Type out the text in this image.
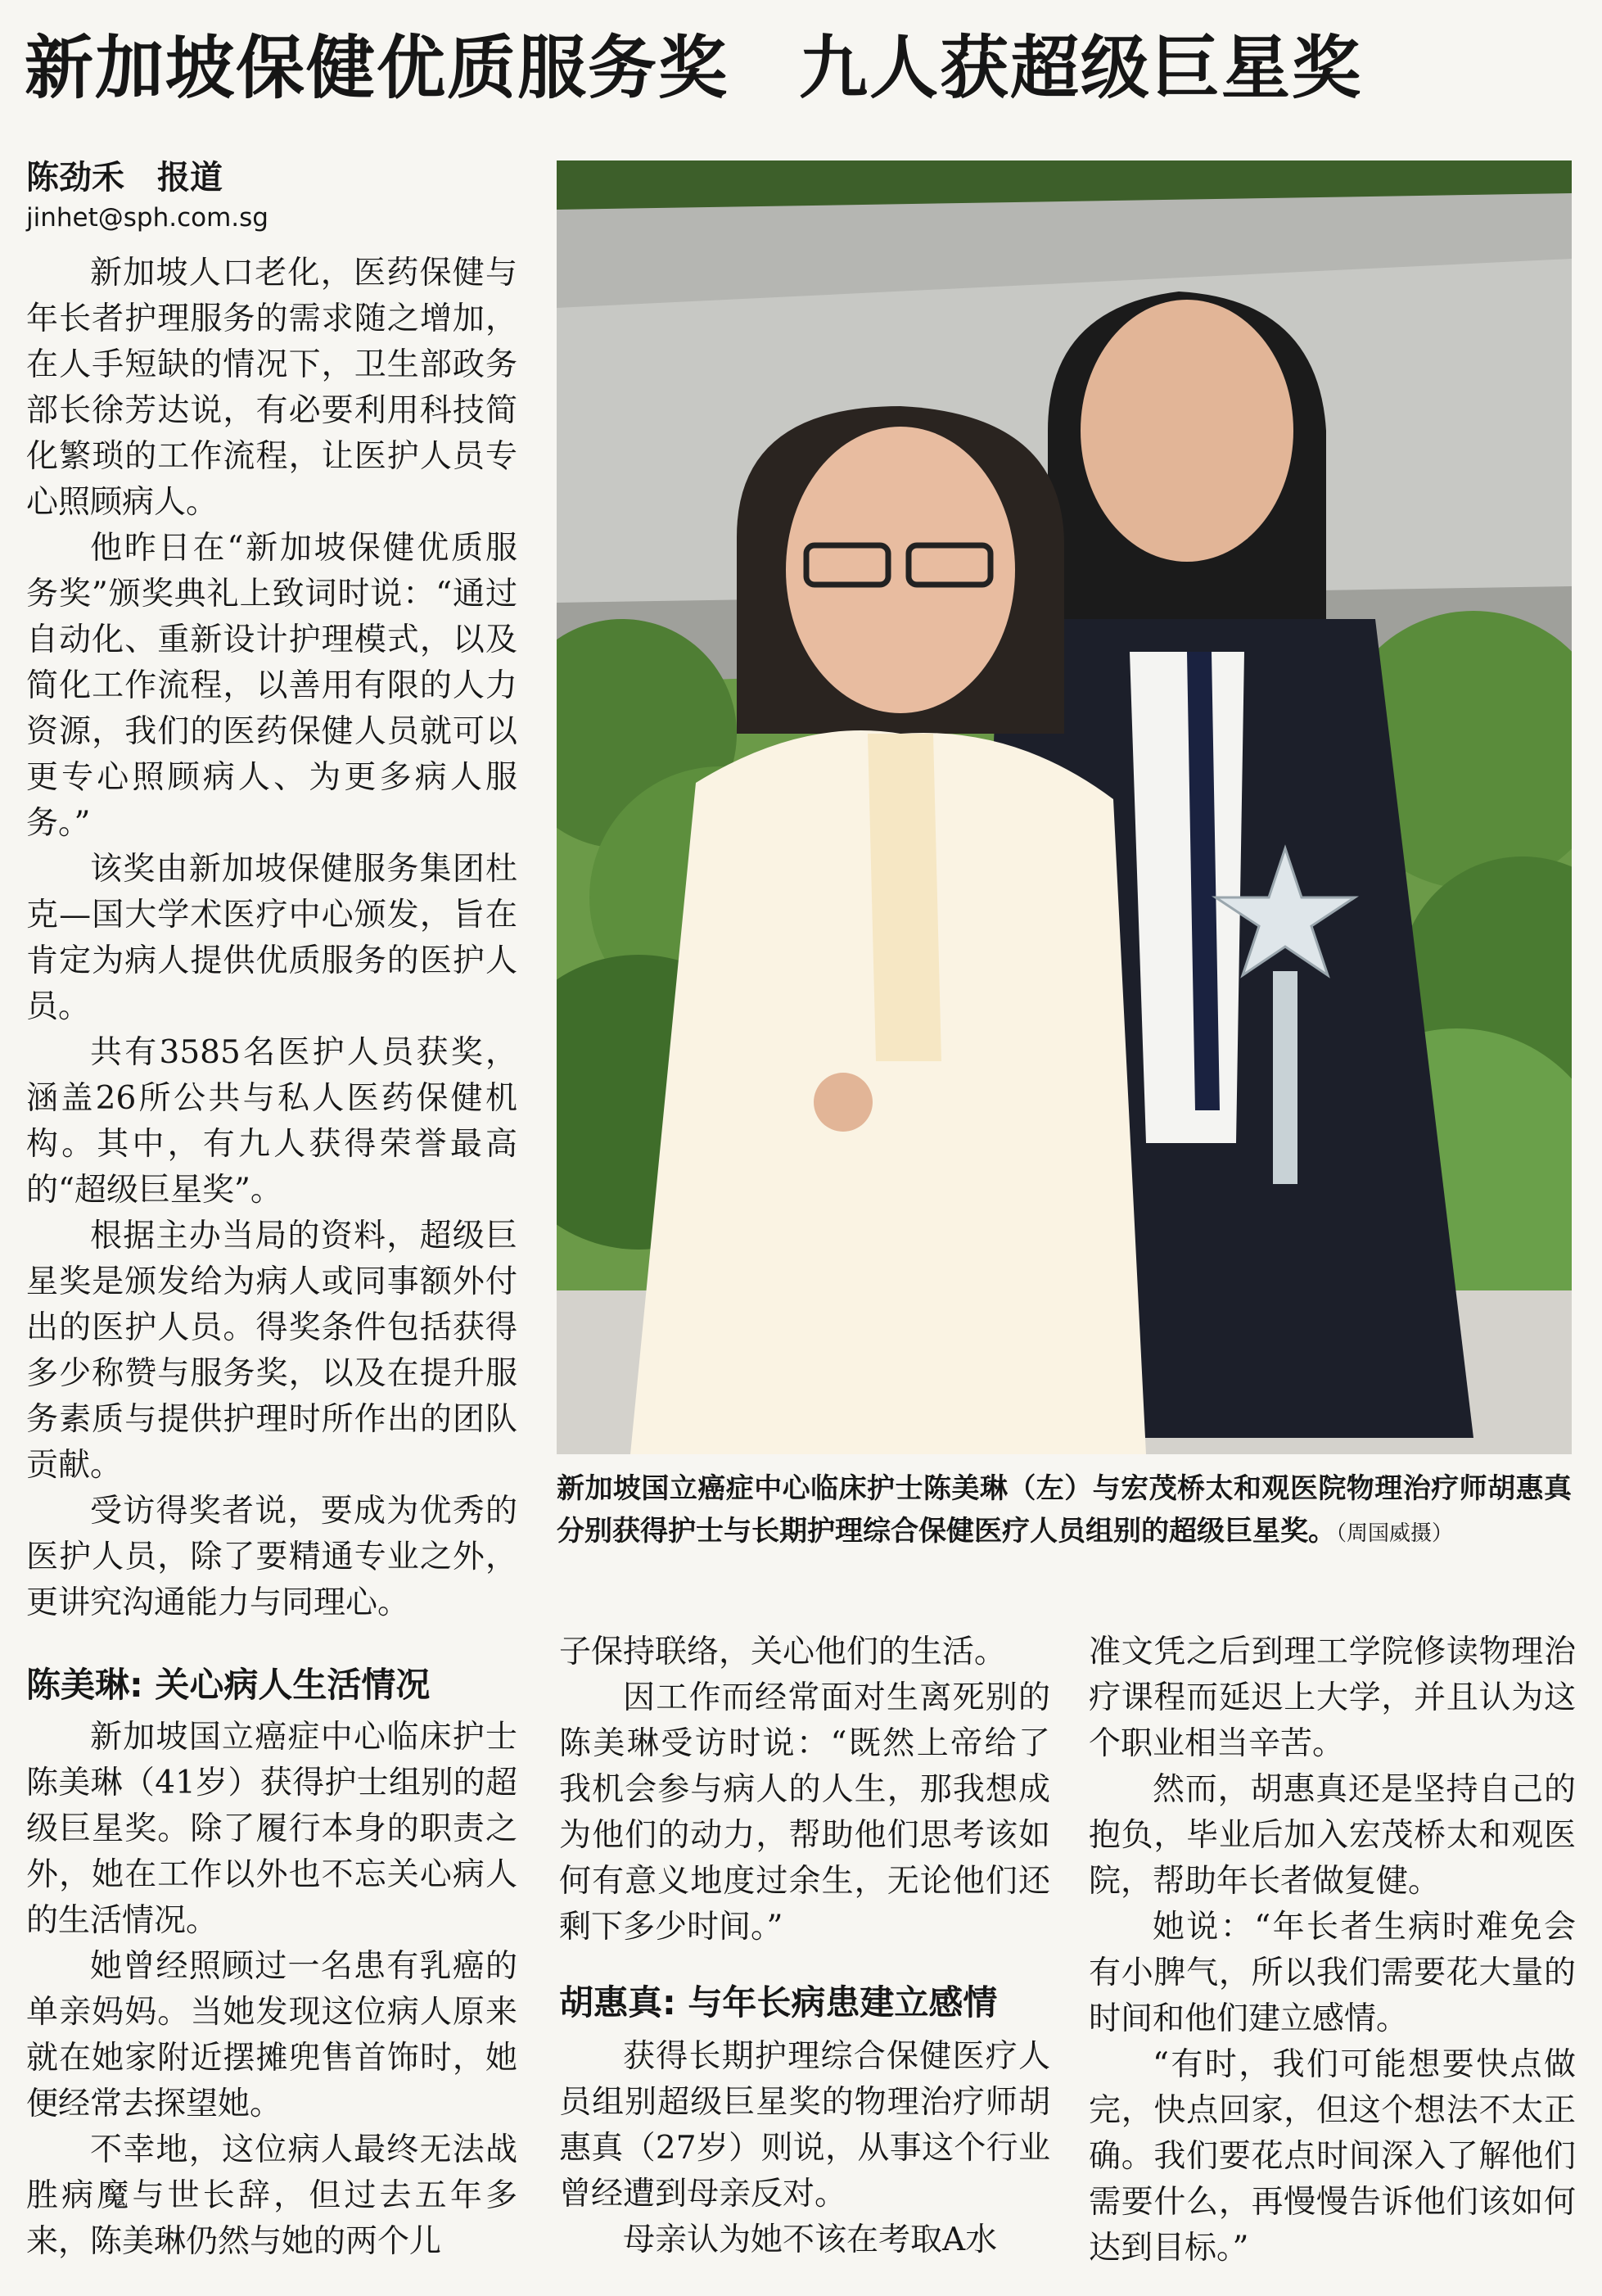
新加坡保健优质服务奖　九人获超级巨星奖
陈劲禾　报道
jinhet@sph.com.sg

新加坡人口老化，医药保健与年长者护理服务的需求随之增加，在人手短缺的情况下，卫生部政务部长徐芳达说，有必要利用科技简化繁琐的工作流程，让医护人员专心照顾病人。

他昨日在“新加坡保健优质服务奖”颁奖典礼上致词时说：“通过自动化、重新设计护理模式，以及简化工作流程，以善用有限的人力资源，我们的医药保健人员就可以更专心照顾病人、为更多病人服务。”

该奖由新加坡保健服务集团杜克—国大学术医疗中心颁发，旨在肯定为病人提供优质服务的医护人员。

共有3585名医护人员获奖，涵盖26所公共与私人医药保健机构。其中，有九人获得荣誉最高的“超级巨星奖”。

根据主办当局的资料，超级巨星奖是颁发给为病人或同事额外付出的医护人员。得奖条件包括获得多少称赞与服务奖，以及在提升服务素质与提供护理时所作出的团队贡献。

受访得奖者说，要成为优秀的医护人员，除了要精通专业之外，更讲究沟通能力与同理心。

陈美琳: 关心病人生活情况

新加坡国立癌症中心临床护士陈美琳（41岁）获得护士组别的超级巨星奖。除了履行本身的职责之外，她在工作以外也不忘关心病人的生活情况。

她曾经照顾过一名患有乳癌的单亲妈妈。当她发现这位病人原来就在她家附近摆摊兜售首饰时，她便经常去探望她。

不幸地，这位病人最终无法战胜病魔与世长辞，但过去五年多来，陈美琳仍然与她的两个儿

新加坡国立癌症中心临床护士陈美琳（左）与宏茂桥太和观医院物理治疗师胡惠真分别获得护士与长期护理综合保健医疗人员组别的超级巨星奖。（周国威摄）
子保持联络，关心他们的生活。

因工作而经常面对生离死别的陈美琳受访时说：“既然上帝给了我机会参与病人的人生，那我想成为他们的动力，帮助他们思考该如何有意义地度过余生，无论他们还剩下多少时间。”

胡惠真: 与年长病患建立感情

获得长期护理综合保健医疗人员组别超级巨星奖的物理治疗师胡惠真（27岁）则说，从事这个行业曾经遭到母亲反对。

母亲认为她不该在考取A水

准文凭之后到理工学院修读物理治疗课程而延迟上大学，并且认为这个职业相当辛苦。

然而，胡惠真还是坚持自己的抱负，毕业后加入宏茂桥太和观医院，帮助年长者做复健。

她说：“年长者生病时难免会有小脾气，所以我们需要花大量的时间和他们建立感情。

“有时，我们可能想要快点做完，快点回家，但这个想法不太正确。我们要花点时间深入了解他们需要什么，再慢慢告诉他们该如何达到目标。”
